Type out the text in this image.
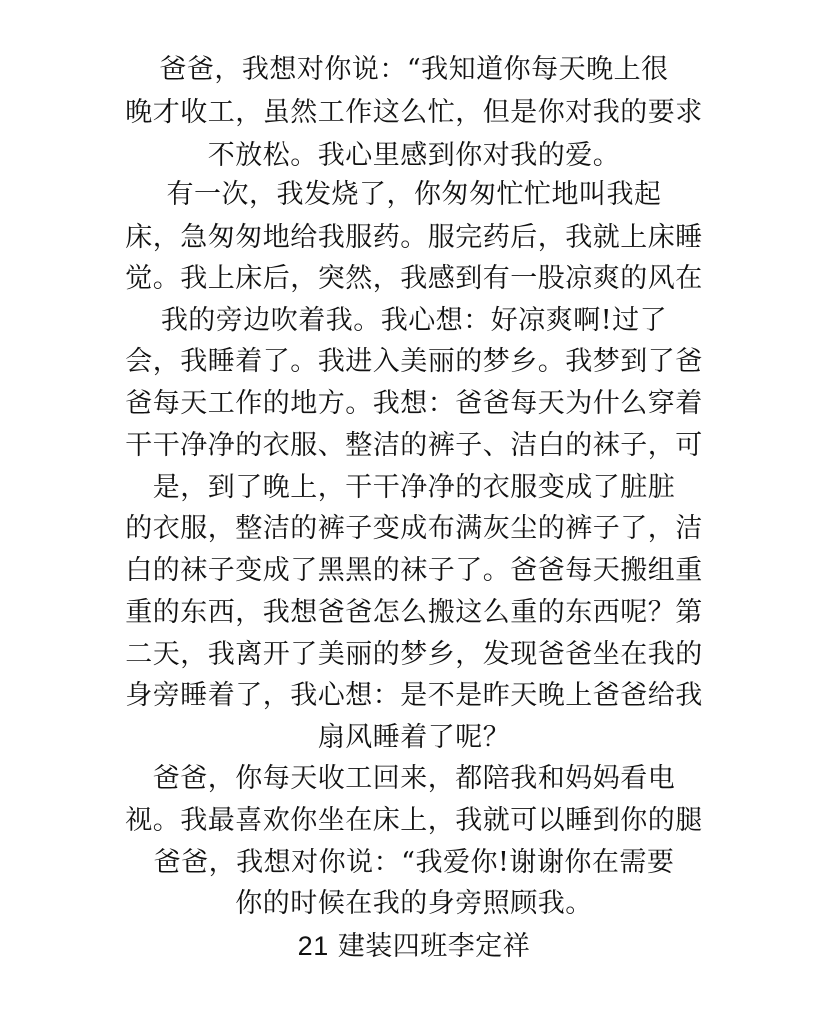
爸爸，我想对你说：“我知道你每天晚上很
晚才收工，虽然工作这么忙，但是你对我的要求
不放松。我心里感到你对我的爱。
有一次，我发烧了，你匆匆忙忙地叫我起
床，急匆匆地给我服药。服完药后，我就上床睡
觉。我上床后，突然，我感到有一股凉爽的风在
我的旁边吹着我。我心想：好凉爽啊!过了
会，我睡着了。我进入美丽的梦乡。我梦到了爸
爸每天工作的地方。我想：爸爸每天为什么穿着
干干净净的衣服、整洁的裤子、洁白的袜子，可
是，到了晚上，干干净净的衣服变成了脏脏
的衣服，整洁的裤子变成布满灰尘的裤子了，洁
白的袜子变成了黑黑的袜子了。爸爸每天搬组重
重的东西，我想爸爸怎么搬这么重的东西呢？第
二天，我离开了美丽的梦乡，发现爸爸坐在我的
身旁睡着了，我心想：是不是昨天晚上爸爸给我
扇风睡着了呢？
爸爸，你每天收工回来，都陪我和妈妈看电
视。我最喜欢你坐在床上，我就可以睡到你的腿
爸爸，我想对你说：“我爱你!谢谢你在需要
你的时候在我的身旁照顾我。
21 建装四班李定祥
